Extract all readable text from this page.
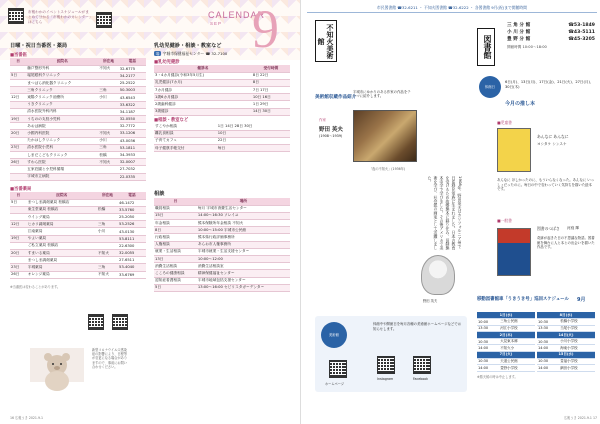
市報わかのイベントスケジュールがまとめて分かる「市報わかのカレンダー」はこちら
CALENDAR
SEP 9
日曜・祝日当番医・薬局
■当番医
日	医院名	所在地	電話
	藤戸整形外科	不知火	32-6775
5日	堀尾眼科クリニック		34-2177
	まつばら消化器クリニック		25-2522
	三角クリニック	三角	50-3003
12日	東陽クリニック治療所	小川	43-6543
	うきクリニック		33-6322
	清水医院外科内科		34-1187
19日	うちのの丸枝小児科		32-0550
	あおば病院		32-7772
20日	小國内科医院	不知火	33-1206
	たかはしクリニック	小川	43-0036
23日	清水医院小児科	三角	53-1811
	しまだこどもクリニック	松橋	34-3933
26日	すわら医院	不知火	32-0007
	五家荘園と小児科循環		27-7032
	宇城市立病院		22-0335
■当番薬局
日	医院名	所在地	電話
5日	まつしま調剤薬局 松橋店		46-1472
	東生堂薬局 松橋店	松橋	33-5760
	ウイング薬局		25-2050
12日	ヒカリ調剤薬局	三角	53-2526
	江南薬局	小川	43-0130
19日	やよい薬局		53-8111
	ご私立薬局 松橋店		22-6300
20日	すまいる薬局	不知火	32-0055
	まつしま調剤薬局		27-6511
23日	宇城薬局	三角	53-4040
26日	オレンジ薬局	不知火	33-6769
※当番医は変わることがあります。
新型コロナウイルス感染症の影響により、日程等が変更になる場合がありますので、事前にお問い合わせください。
乳幼児健診・相談・教室など
場 宇城市保健福祉センター ☎ 32-7100
■乳幼児健診
健診名	受付時間
3・4カ月健診(令和3年5月生)	8日 22日
乳児健診(7カ月)	8日
7カ月健診	7日 17日
1歳6カ月健診	10日 16日
2歳歯科健診	1日 29日
3歳健診	14日 30日
■相談・教室など
すこやか相談	1日 14日 28日 30日
離乳食相談	10日
子育てカフェ	22日
母子健康手帳交付	毎日
相談
日	場所
職員相談	毎月 宇城市消費生活センター
15日	14:00～16:30 ソレイユ
年金相談	熊本保険所年金相談 不知火
8日	10:00～15:00 宇城市公民館
行政相談	熊本県行政評価事務所
人権相談	あらお市人権事務所
就業・生活相談	宇城市就業・生活支援センター
13日	10:00～12:00
消費生活相談	消費生活相談室
こころの健康相談	精神保健福祉センター
認知症看護相談	宇城市地域包括支援センター
5日	13:00～16:00 セピリスタガーデンター
16 広報うき 2021.9.1
市民図書館 ☎32-6211 ・ 不知火図書館 ☎32-6222 ・ 各図書館 9月(祝)まで開館時間
不知火美術館	図書館
三 角 分 館	☎53-1849
小 川 分 館	☎43-5111
豊 野 分 館	☎45-3205
開館時間 10:00～18:00
休館日
6日(月)、13日(月)、17日(金)、21日(火)、27日(月)、30日(木)
美術館収蔵作品紹介
宇城市にゆかりのある作家の作品をテーマに紹介します。
作家
野田 英夫
(1908～1939)
「夜の不知火」(1936年)
1908年、野田英夫はカリフォルニア州で日系移民家族に生まれました。日本の教育を受けるため故郷熊本に移り住み、旧制熊本中学で学びました。その後アメリカで美術を学び、社会派の画家として活躍しました。
野田 英夫
美術館
休館中や開館日を毎月各種の美術館ホームページなどでお知らせします。
ホームページ
Instagram	Facebook
今月の推し本
■児童書
あんなに あんなに
ヨシタケ シンスケ
あんなに ほしかったのに、もういらなくなった。あんなに いっしょだったのに。毎日の中で変わっていく気持ちを描いた絵本です。
■一般書
図書のつばさ 河庭 輝
奇跡が起きた日の不思議な物語。図書館を舞台に人と本との出会いを描いた作品です。
移動図書館車「うきうき号」巡回スケジュール	9月
1日(水)	
10:00	三角公民館
13:30	河江小学校
2日(木)	
10:30	大見東本郷
14:00	不知火小
7日(火)	
10:30	天道公民館
14:00	豊野小学校
8日(水)	
10:30	松橋小学校
13:30	当尾小学校
14日(火)	
10:30	小川小学校
14:00	海東小学校
15日(水)	
10:30	豊福小学校
14:00	網田小学校
※悪天候の時は中止します。
広報うき 2021.9.1 17
